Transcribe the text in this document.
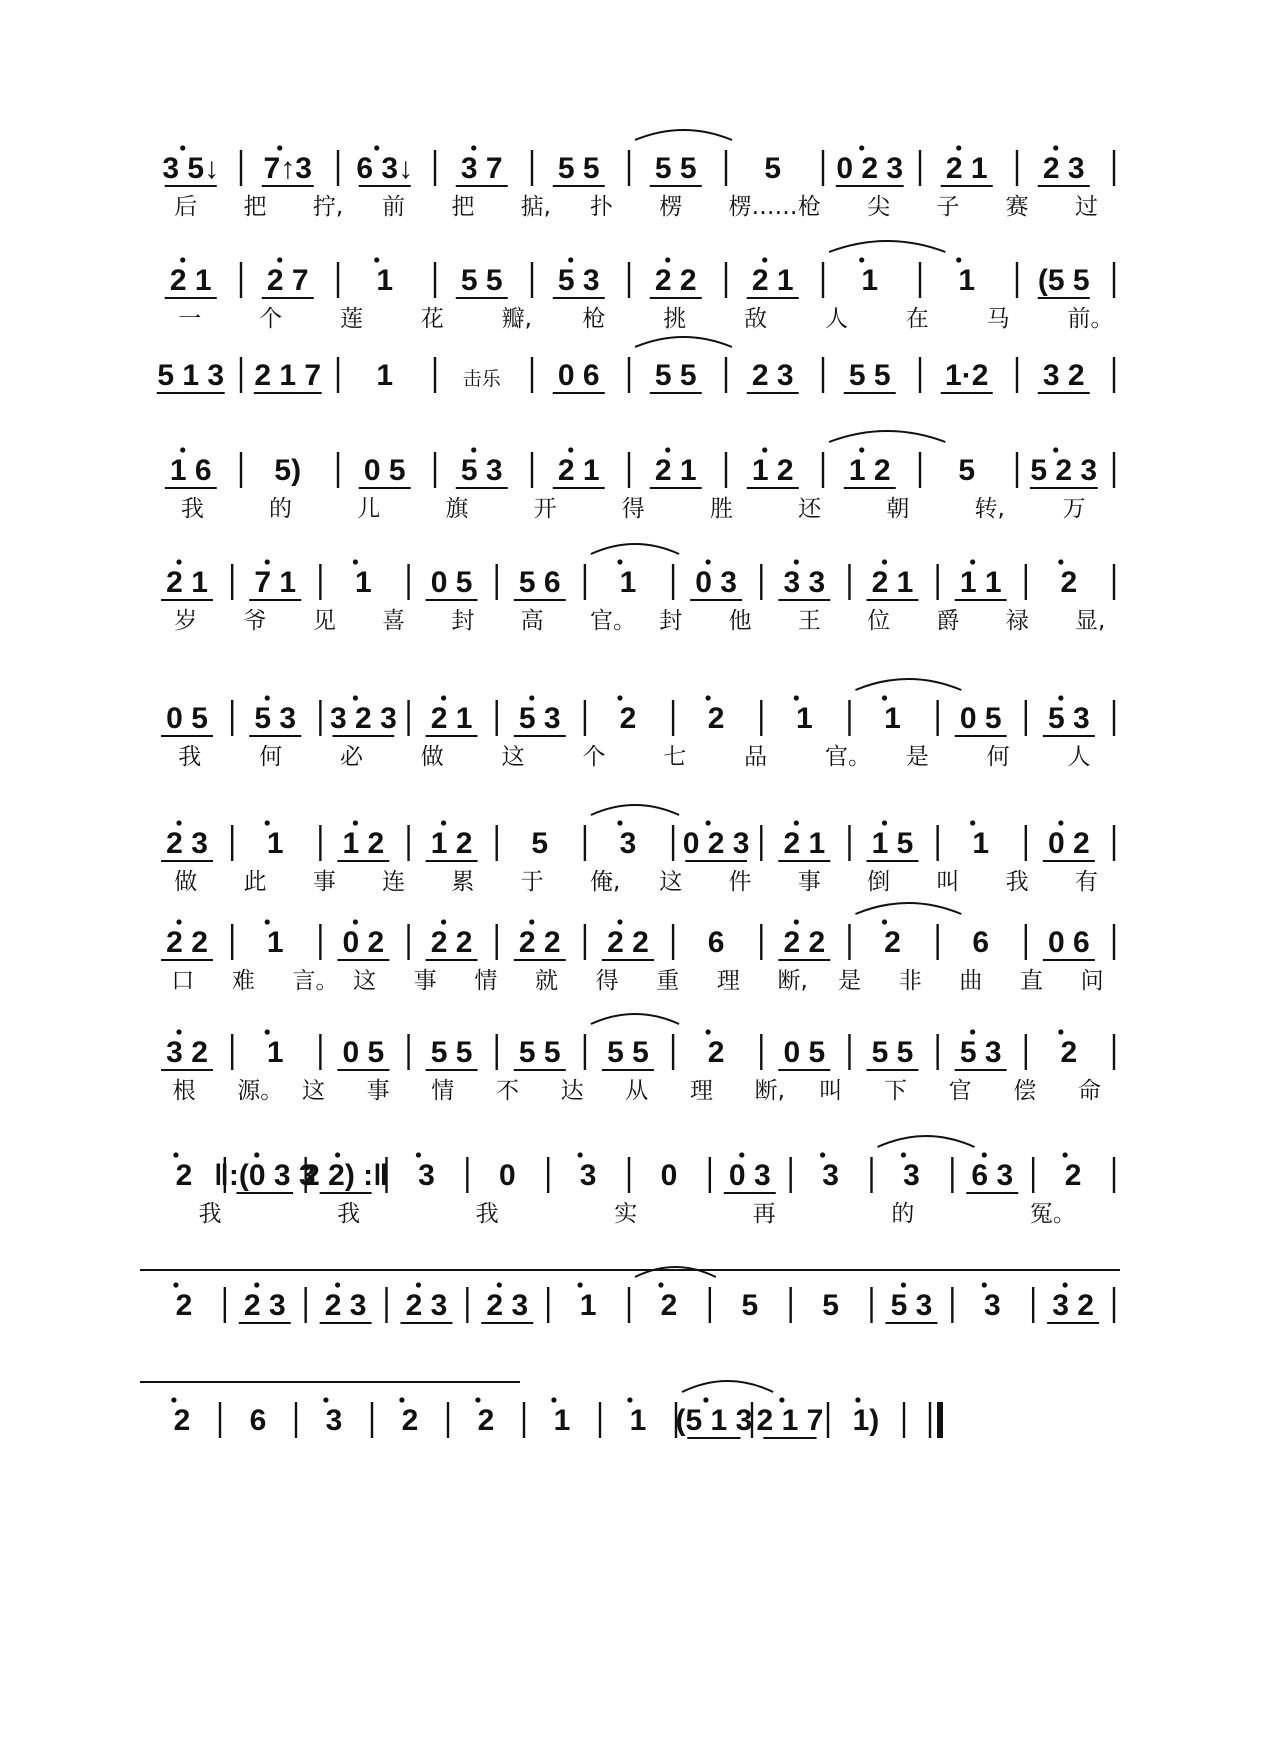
3 5↓ 7↑3 6 3↓ 3 7 5 5 5 5 5 0 2 3 2 1 2 3
后 把 拧, 前 把 掂, 扑 楞 楞…… 枪 尖 子 赛 过
2 1 2 7 1 5 5 5 3 2 2 2 1 1	1 (5 5
一	个	莲	花	瓣, 枪	挑	敌	人	在	马	前。
5 1 3 2 1 7 1	击乐 0 6 5 5 2 3 5 5 1·2 3 2
1 6 5) 0 5 5 3 2 1 2 1 1 2 1 2 5 5 2 3
我	的	儿	旗	开	得	胜	还	朝	转,	万
2 1 7 1 1 0 5 5 6 1 0 3 3 3 2 1 1 1 2
岁 爷 见 喜 封 高 官。 封 他 王 位 爵 禄 显,
0 5 5 3 3 2 3 2 1 5 3 2 2 1 1 0 5 5 3
我	何	必	做	这	个	七	品	官。 是	何	人
2 3 1 1 2 1 2 5 3 0 2 3 2 1 1 5 1 0 2
做 此 事 连 累 于 俺, 这 件 事 倒 叫 我 有
2 2 1 0 2 2 2 2 2 2 2 6 2 2 2 6 0 6
口 难 言。 这 事 情 就 得 重 理 断, 是 非 曲 直 问
3 2 1 0 5 5 5 5 5 5 5 2 0 5 5 5 5 3 2
根 源。 这 事 情 不 达 从 理 断, 叫 下 官 偿 命
2 ‖:(0 3 3
2 2) :‖ 3 0 3 0 0 3 3 3 6 3 2
我	我	我	实	再	的	冤。
2 2 3 2 3 2 3 2 3 1 2 5 5 5 3 3 3 2
2 6 3 2 2 1 1 (5 1 3 2 1 7 1)
